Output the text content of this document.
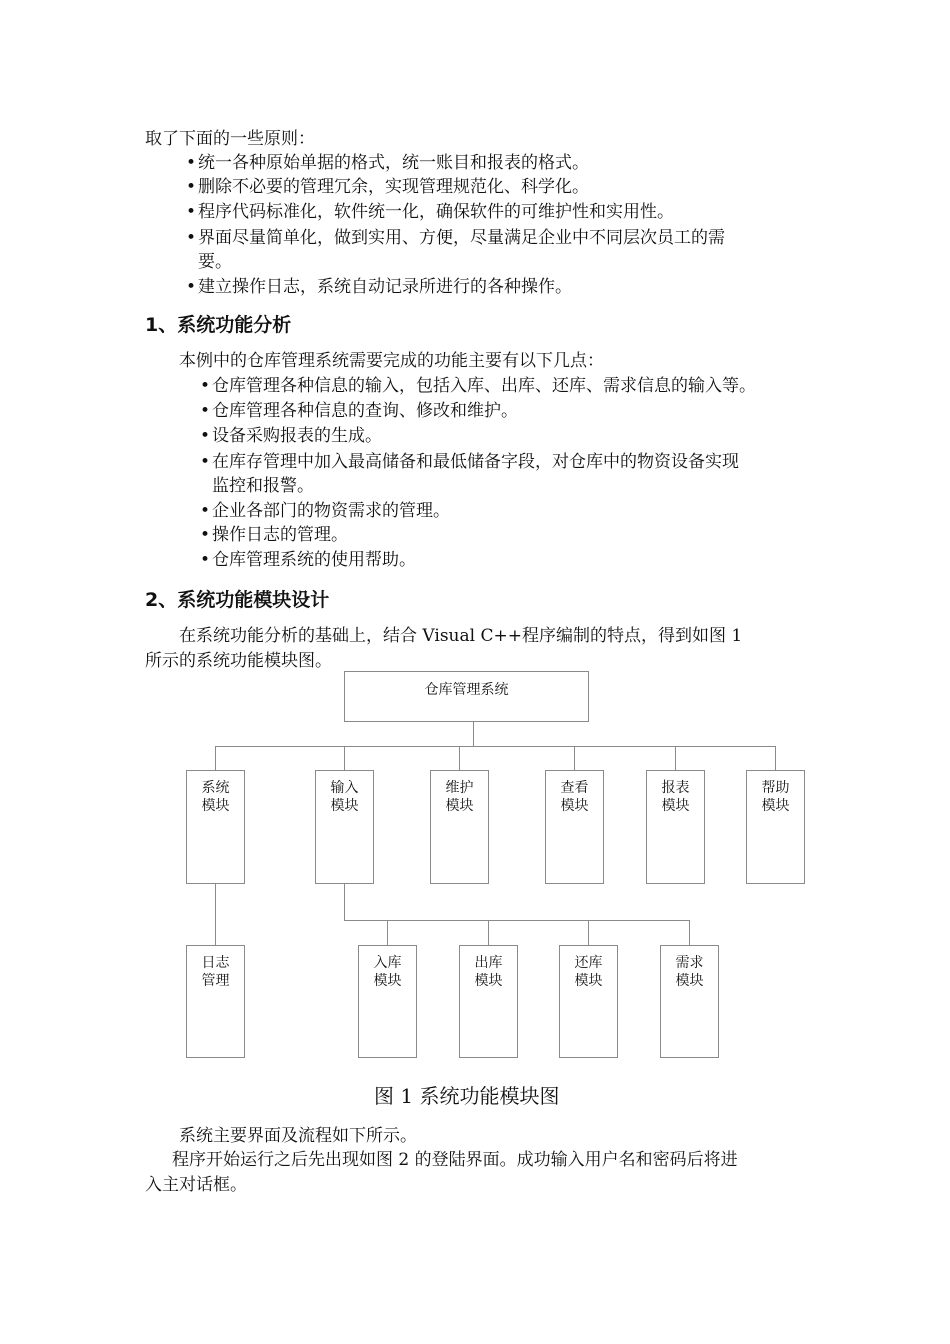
取了下面的一些原则：
• 统一各种原始单据的格式，统一账目和报表的格式。
• 删除不必要的管理冗余，实现管理规范化、科学化。
• 程序代码标准化，软件统一化，确保软件的可维护性和实用性。
• 界面尽量简单化，做到实用、方便，尽量满足企业中不同层次员工的需
要。
• 建立操作日志，系统自动记录所进行的各种操作。
1、系统功能分析
本例中的仓库管理系统需要完成的功能主要有以下几点：
• 仓库管理各种信息的输入，包括入库、出库、还库、需求信息的输入等。
• 仓库管理各种信息的查询、修改和维护。
• 设备采购报表的生成。
• 在库存管理中加入最高储备和最低储备字段，对仓库中的物资设备实现
监控和报警。
• 企业各部门的物资需求的管理。
• 操作日志的管理。
• 仓库管理系统的使用帮助。
2、系统功能模块设计
在系统功能分析的基础上，结合 Visual C++程序编制的特点，得到如图 1
所示的系统功能模块图。
仓库管理系统
系统
模块
输入
模块
维护
模块
查看
模块
报表
模块
帮助
模块
日志
管理
入库
模块
出库
模块
还库
模块
需求
模块
图 1 系统功能模块图
系统主要界面及流程如下所示。
程序开始运行之后先出现如图 2 的登陆界面。成功输入用户名和密码后将进
入主对话框。
